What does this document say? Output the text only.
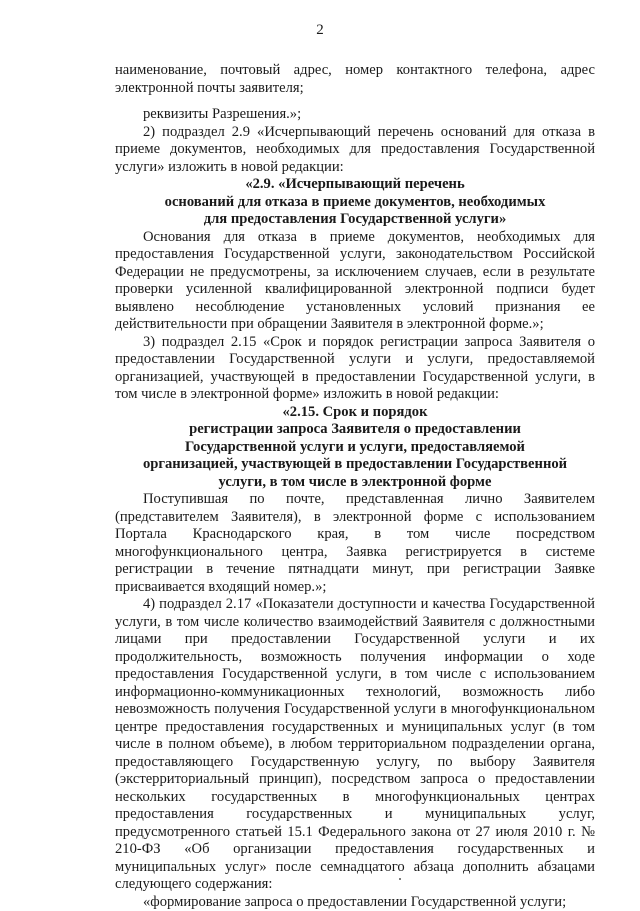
2

наименование, почтовый адрес, номер контактного телефона, адрес электронной почты заявителя;

реквизиты Разрешения.»;

2) подраздел 2.9 «Исчерпывающий перечень оснований для отказа в приеме документов, необходимых для предоставления Государственной услуги» изложить в новой редакции:

«2.9. «Исчерпывающий перечень

оснований для отказа в приеме документов, необходимых

для предоставления Государственной услуги»

Основания для отказа в приеме документов, необходимых для предоставления Государственной услуги, законодательством Российской Федерации не предусмотрены, за исключением случаев, если в результате проверки усиленной квалифицированной электронной подписи будет выявлено несоблюдение установленных условий признания ее действительности при обращении Заявителя в электронной форме.»;

3) подраздел 2.15 «Срок и порядок регистрации запроса Заявителя о предоставлении Государственной услуги и услуги, предоставляемой организацией, участвующей в предоставлении Государственной услуги, в том числе в электронной форме» изложить в новой редакции:

«2.15. Срок и порядок

регистрации запроса Заявителя о предоставлении

Государственной услуги и услуги, предоставляемой

организацией, участвующей в предоставлении Государственной

услуги, в том числе в электронной форме

Поступившая по почте, представленная лично Заявителем (представителем Заявителя), в электронной форме с использованием Портала Краснодарского края, в том числе посредством многофункционального центра, Заявка регистрируется в системе регистрации в течение пятнадцати минут, при регистрации Заявке присваивается входящий номер.»;

4) подраздел 2.17 «Показатели доступности и качества Государственной услуги, в том числе количество взаимодействий Заявителя с должностными лицами при предоставлении Государственной услуги и их продолжительность, возможность получения информации о ходе предоставления Государственной услуги, в том числе с использованием информационно-коммуникационных технологий, возможность либо невозможность получения Государственной услуги в многофункциональном центре предоставления государственных и муниципальных услуг (в том числе в полном объеме), в любом территориальном подразделении органа, предоставляющего Государственную услугу, по выбору Заявителя (экстерриториальный принцип), посредством запроса о предоставлении нескольких государственных в многофункциональных центрах предоставления государственных и муниципальных услуг, предусмотренного статьей 15.1 Федерального закона от 27 июля 2010 г. № 210-ФЗ «Об организации предоставления государственных и муниципальных услуг» после семнадцатого абзаца дополнить абзацами следующего содержания:

«формирование запроса о предоставлении Государственной услуги;
